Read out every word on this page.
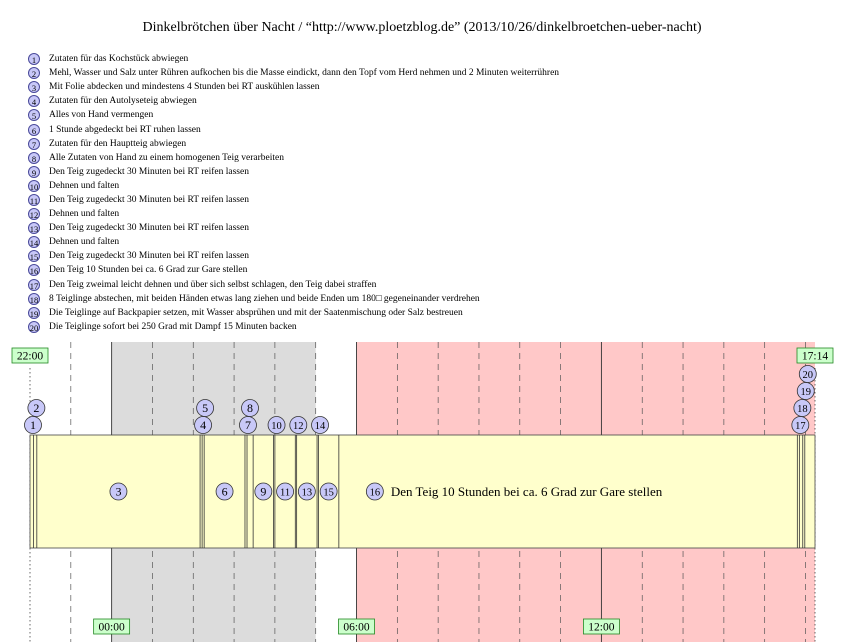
Dinkelbrötchen über Nacht / “http://www.ploetzblog.de” (2013/10/26/dinkelbroetchen-ueber-nacht)
1	Zutaten für das Kochstück abwiegen
2	Mehl, Wasser und Salz unter Rühren aufkochen bis die Masse eindickt, dann den Topf vom Herd nehmen und 2 Minuten weiterrühren
3	Mit Folie abdecken und mindestens 4 Stunden bei RT auskühlen lassen
4	Zutaten für den Autolyseteig abwiegen
5	Alles von Hand vermengen
6	1 Stunde abgedeckt bei RT ruhen lassen
7	Zutaten für den Hauptteig abwiegen
8	Alle Zutaten von Hand zu einem homogenen Teig verarbeiten
9	Den Teig zugedeckt 30 Minuten bei RT reifen lassen
10 Dehnen und falten
11 Den Teig zugedeckt 30 Minuten bei RT reifen lassen
12 Dehnen und falten
13 Den Teig zugedeckt 30 Minuten bei RT reifen lassen
14 Dehnen und falten
15 Den Teig zugedeckt 30 Minuten bei RT reifen lassen
16 Den Teig 10 Stunden bei ca. 6 Grad zur Gare stellen
17 Den Teig zweimal leicht dehnen und über sich selbst schlagen, den Teig dabei straffen
18 8 Teiglinge abstechen, mit beiden Händen etwas lang ziehen und beide Enden um 180□ gegeneinander verdrehen
19 Die Teiglinge auf Backpapier setzen, mit Wasser absprühen und mit der Saatenmischung oder Salz bestreuen
20 Die Teiglinge sofort bei 250 Grad mit Dampf 15 Minuten backen
3	6	9 11 13 15	16 Den Teig 10 Stunden bei ca. 6 Grad zur Gare stellen
1
2
4
5
7
8
10 12 14	17
18
19
20
22:00	17:14
00:00	06:00	12:00
